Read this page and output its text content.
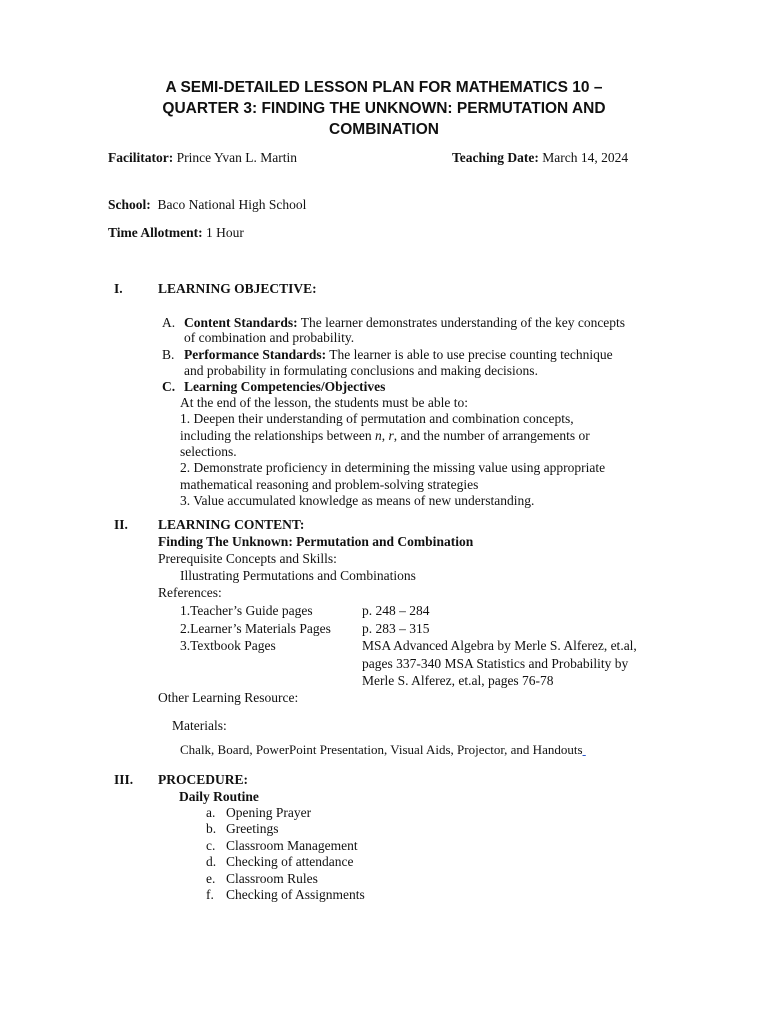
A SEMI-DETAILED LESSON PLAN FOR MATHEMATICS 10 –
QUARTER 3: FINDING THE UNKNOWN: PERMUTATION AND
COMBINATION
Facilitator: Prince Yvan L. Martin	Teaching Date: March 14, 2024
School: Baco National High School
Time Allotment: 1 Hour
I.	LEARNING OBJECTIVE:
A. Content Standards: The learner demonstrates understanding of the key concepts
of combination and probability.
B. Performance Standards: The learner is able to use precise counting technique
and probability in formulating conclusions and making decisions.
C. Learning Competencies/Objectives
At the end of the lesson, the students must be able to:
1. Deepen their understanding of permutation and combination concepts,
including the relationships between n, r, and the number of arrangements or
selections.
2. Demonstrate proficiency in determining the missing value using appropriate
mathematical reasoning and problem-solving strategies
3. Value accumulated knowledge as means of new understanding.
II. LEARNING CONTENT:
Finding The Unknown: Permutation and Combination
Prerequisite Concepts and Skills:
Illustrating Permutations and Combinations
References:
1.Teacher’s Guide pages	p. 248 – 284
2.Learner’s Materials Pages p. 283 – 315
3.Textbook Pages	MSA Advanced Algebra by Merle S. Alferez, et.al,
pages 337-340 MSA Statistics and Probability by
Merle S. Alferez, et.al, pages 76-78
Other Learning Resource:
Materials:
Chalk, Board, PowerPoint Presentation, Visual Aids, Projector, and Handouts
III. PROCEDURE:
Daily Routine
a. Opening Prayer
b. Greetings
c. Classroom Management
d. Checking of attendance
e. Classroom Rules
f. Checking of Assignments
